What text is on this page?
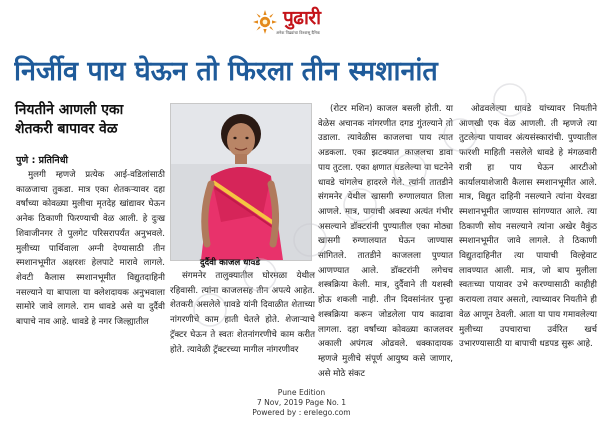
पुढारी
अनेक पिढ्यांचा विश्वासू दैनिक
निर्जीव पाय घेऊन तो फिरला तीन स्मशानांत
नियतीने आणली एका शेतकरी बापावर वेळ
पुणे : प्रतिनिधी

मुलगी म्हणजे प्रत्येक आई-वडिलांसाठी काळजाचा तुकडा. मात्र एका शेतकऱ्यावर दहा वर्षांच्या कोवळ्या मुलीचा मृतदेह खांद्यावर घेऊन अनेक ठिकाणी फिरण्याची वेळ आली. हे दुःख शिवाजीनगर ते पुलगेट परिसरापर्यंत अनुभवले. मुलीच्या पार्थिवाला अग्नी देण्यासाठी तीन स्मशानभूमीत अक्षरशः हेलपाटे मारावे लागले. शेवटी कैलास स्मशानभूमीत विद्युतदाहिनी नसल्याने या बापाला या क्लेशदायक अनुभवाला सामोरे जावे लागले. राम धावडे असे या दुर्दैवी बापाचे नाव आहे. धावडे हे नगर जिल्ह्यातील

दुर्दैवी काजल धावडे

संगमनेर तालुक्यातील घोरमळा येथील रहिवासी. त्यांना काजलसह तीन अपत्ये आहेत. शेतकरी असलेले धावडे यांनी दिवाळीत शेताच्या नांगरणीचे काम हाती घेतले होते. शेजाऱ्याचे ट्रॅक्टर घेऊन ते स्वतः शेतनांगरणीचे काम करीत होते. त्यावेळी ट्रॅक्टरच्या मागील नांगरणीवर

(रोटर मशिन) काजल बसली होती. या वेळेस अचानक नांगरणीत दगड गुंतल्याने तो उडाला. त्यावेळीस काजलचा पाय त्यात अडकला. एका झटक्यात काजलचा डावा पाय तुटला. एका क्षणात घडलेल्या या घटनेने धावडे चांगलेच हादरले गेले. त्यांनी तातडीने संगमनेर येथील खासगी रुग्णालयात तिला आणले. मात्र, पायाची अवस्था अत्यंत गंभीर असल्याने डॉक्टरांनी पुण्यातील एका मोठ्या खासगी रुग्णालयात घेऊन जाण्यास सांगितले. तातडीने काजलला पुण्यात आणण्यात आले. डॉक्टरांनी लगेचच शस्त्रक्रिया केली. मात्र, दुर्दैवाने ती यशस्वी होऊ शकली नाही. तीन दिवसांनंतर पुन्हा शस्त्रक्रिया करून जोडलेला पाय काढावा लागला. दहा वर्षांच्या कोवळ्या काजलवर अकाली अपंगत्व ओढवले. धक्कादायक म्हणजे मुलीचे संपूर्ण आयुष्य कसे जाणार, असे मोठे संकट

ओढवलेल्या धावडे यांच्यावर नियतीने आणखी एक वेळ आणली. ती म्हणजे त्या तुटलेल्या पायावर अंत्यसंस्कारांची. पुण्यातील फारशी माहिती नसलेले धावडे हे मंगळवारी रात्री हा पाय घेऊन आरटीओ कार्यालयाशेजारी कैलास स्मशानभूमीत आले. मात्र, विद्युत दाहिनी नसल्याने त्यांना येरवडा स्मशानभूमीत जाण्यास सांगण्यात आले. त्या ठिकाणी सोय नसल्याने त्यांना अखेर वैकुंठ स्मशानभूमीत जावे लागले. ते ठिकाणी विद्युतदाहिनीत त्या पायाची विल्हेवाट लावण्यात आली. मात्र, जो बाप मुलीला स्वतःच्या पायावर उभे करण्यासाठी काहीही करायला तयार असतो, त्याच्यावर नियतीने ही वेळ आणून ठेवली. आता या पाय गमावलेल्या मुलीच्या उपचाराचा उर्वरित खर्च उभारण्यासाठी या बापाची धडपड सुरू आहे.

Pune Edition
7 Nov, 2019 Page No. 1
Powered by : erelego.com
